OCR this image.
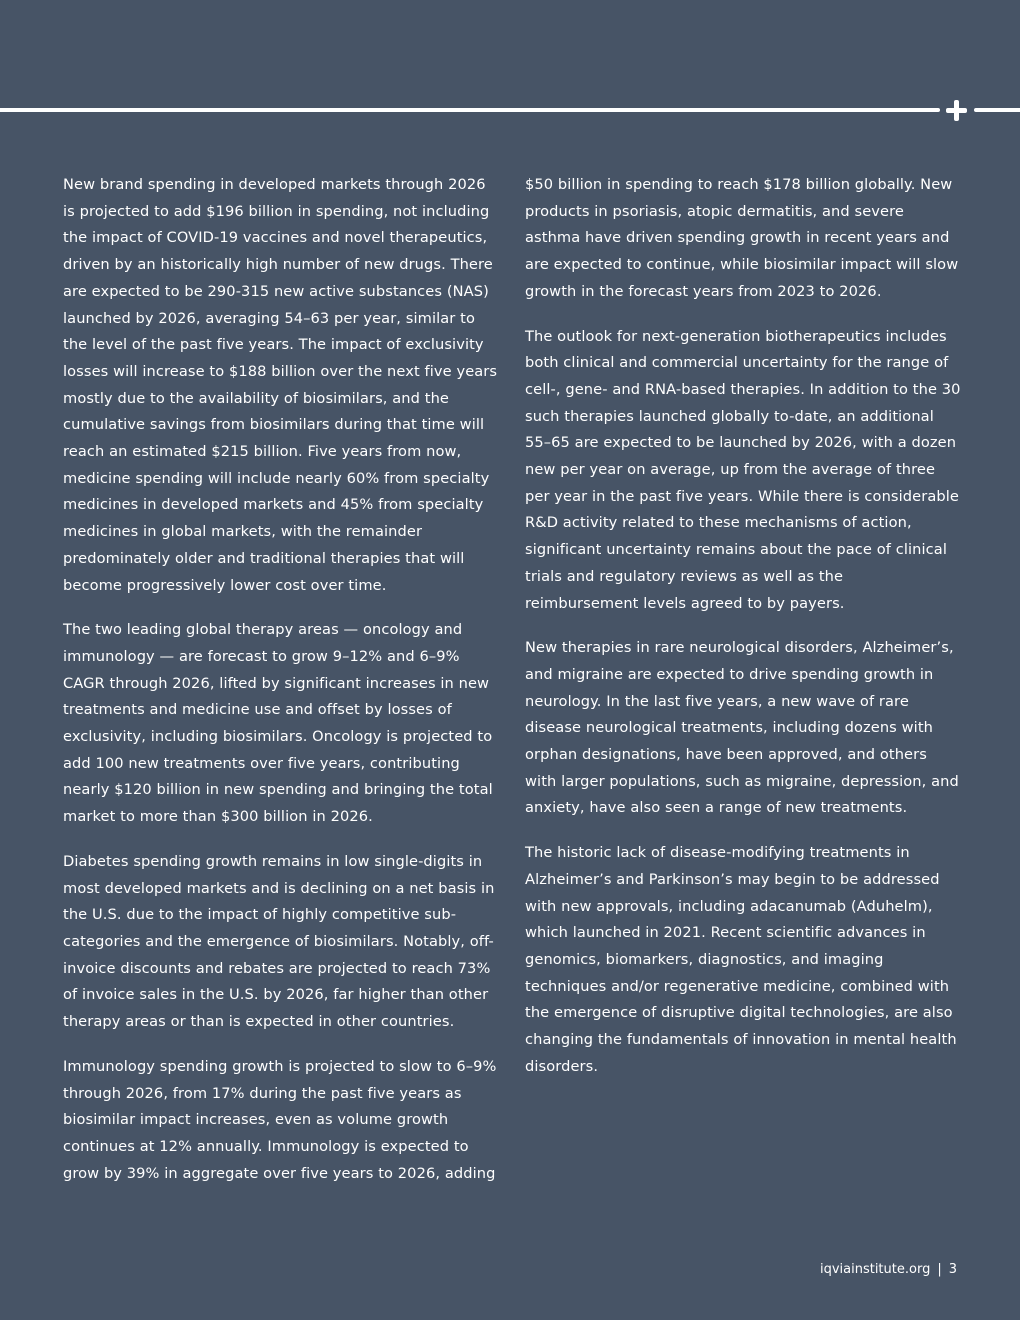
New brand spending in developed markets through 2026 is projected to add $196 billion in spending, not including the impact of COVID-19 vaccines and novel therapeutics, driven by an historically high number of new drugs. There are expected to be 290-315 new active substances (NAS) launched by 2026, averaging 54–63 per year, similar to the level of the past five years. The impact of exclusivity losses will increase to $188 billion over the next five years mostly due to the availability of biosimilars, and the cumulative savings from biosimilars during that time will reach an estimated $215 billion. Five years from now, medicine spending will include nearly 60% from specialty medicines in developed markets and 45% from specialty medicines in global markets, with the remainder predominately older and traditional therapies that will become progressively lower cost over time.

The two leading global therapy areas — oncology and immunology — are forecast to grow 9–12% and 6–9% CAGR through 2026, lifted by significant increases in new treatments and medicine use and offset by losses of exclusivity, including biosimilars. Oncology is projected to add 100 new treatments over five years, contributing nearly $120 billion in new spending and bringing the total market to more than $300 billion in 2026.

Diabetes spending growth remains in low single-digits in most developed markets and is declining on a net basis in the U.S. due to the impact of highly competitive sub-categories and the emergence of biosimilars. Notably, off-invoice discounts and rebates are projected to reach 73% of invoice sales in the U.S. by 2026, far higher than other therapy areas or than is expected in other countries.

Immunology spending growth is projected to slow to 6–9% through 2026, from 17% during the past five years as biosimilar impact increases, even as volume growth continues at 12% annually. Immunology is expected to grow by 39% in aggregate over five years to 2026, adding

$50 billion in spending to reach $178 billion globally. New products in psoriasis, atopic dermatitis, and severe asthma have driven spending growth in recent years and are expected to continue, while biosimilar impact will slow growth in the forecast years from 2023 to 2026.

The outlook for next-generation biotherapeutics includes both clinical and commercial uncertainty for the range of cell-, gene- and RNA-based therapies. In addition to the 30 such therapies launched globally to-date, an additional 55–65 are expected to be launched by 2026, with a dozen new per year on average, up from the average of three per year in the past five years. While there is considerable R&D activity related to these mechanisms of action, significant uncertainty remains about the pace of clinical trials and regulatory reviews as well as the reimbursement levels agreed to by payers.

New therapies in rare neurological disorders, Alzheimer’s, and migraine are expected to drive spending growth in neurology. In the last five years, a new wave of rare disease neurological treatments, including dozens with orphan designations, have been approved, and others with larger populations, such as migraine, depression, and anxiety, have also seen a range of new treatments.

The historic lack of disease-modifying treatments in Alzheimer’s and Parkinson’s may begin to be addressed with new approvals, including adacanumab (Aduhelm), which launched in 2021. Recent scientific advances in genomics, biomarkers, diagnostics, and imaging techniques and/or regenerative medicine, combined with the emergence of disruptive digital technologies, are also changing the fundamentals of innovation in mental health disorders.

iqviainstitute.org | 3
